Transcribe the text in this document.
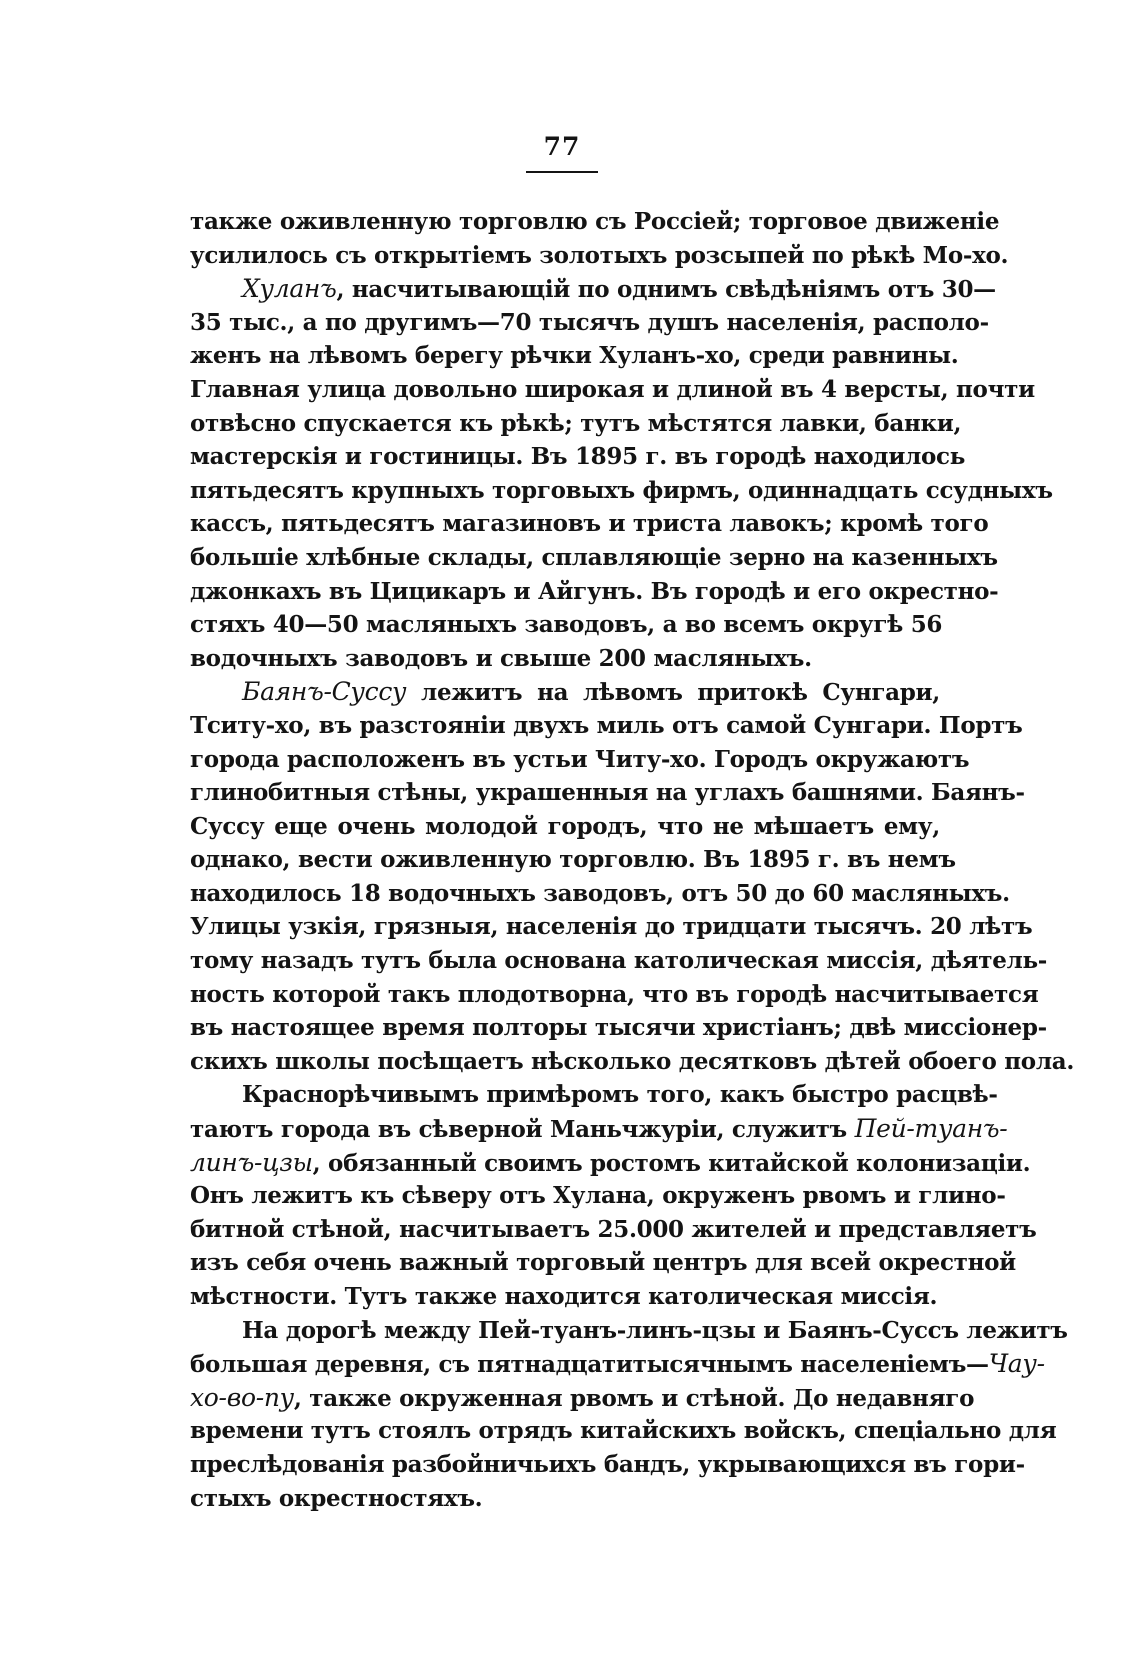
77
также оживленную торговлю съ Россіей; торговое движеніе
усилилось съ открытіемъ золотыхъ розсыпей по рѣкѣ Мо-хо.
Хуланъ, насчитывающій по однимъ свѣдѣніямъ отъ 30—
35 тыс., а по другимъ—70 тысячъ душъ населенія, располо-
женъ на лѣвомъ берегу рѣчки Хуланъ-хо, среди равнины.
Главная улица довольно широкая и длиной въ 4 версты, почти
отвѣсно спускается къ рѣкѣ; тутъ мѣстятся лавки, банки,
мастерскія и гостиницы. Въ 1895 г. въ городѣ находилось
пятьдесятъ крупныхъ торговыхъ фирмъ, одиннадцать ссудныхъ
кассъ, пятьдесятъ магазиновъ и триста лавокъ; кромѣ того
большіе хлѣбные склады, сплавляющіе зерно на казенныхъ
джонкахъ въ Цицикаръ и Айгунъ. Въ городѣ и его окрестно-
стяхъ 40—50 масляныхъ заводовъ, а во всемъ округѣ 56
водочныхъ заводовъ и свыше 200 масляныхъ.
Баянъ-Суссу лежитъ на лѣвомъ притокѣ Сунгари,
Тситу-хо, въ разстояніи двухъ миль отъ самой Сунгари. Портъ
города расположенъ въ устьи Читу-хо. Городъ окружаютъ
глинобитныя стѣны, украшенныя на углахъ башнями. Баянъ-
Суссу еще очень молодой городъ, что не мѣшаетъ ему,
однако, вести оживленную торговлю. Въ 1895 г. въ немъ
находилось 18 водочныхъ заводовъ, отъ 50 до 60 масляныхъ.
Улицы узкія, грязныя, населенія до тридцати тысячъ. 20 лѣтъ
тому назадъ тутъ была основана католическая миссія, дѣятель-
ность которой такъ плодотворна, что въ городѣ насчитывается
въ настоящее время полторы тысячи христіанъ; двѣ миссіонер-
скихъ школы посѣщаетъ нѣсколько десятковъ дѣтей обоего пола.
Краснорѣчивымъ примѣромъ того, какъ быстро расцвѣ-
таютъ города въ сѣверной Маньчжуріи, служитъ Пей-туанъ-
линъ-цзы, обязанный своимъ ростомъ китайской колонизаціи.
Онъ лежитъ къ сѣверу отъ Хулана, окруженъ рвомъ и глино-
битной стѣной, насчитываетъ 25.000 жителей и представляетъ
изъ себя очень важный торговый центръ для всей окрестной
мѣстности. Тутъ также находится католическая миссія.
На дорогѣ между Пей-туанъ-линъ-цзы и Баянъ-Суссъ лежитъ
большая деревня, съ пятнадцатитысячнымъ населеніемъ—Чау-
хо-во-пу, также окруженная рвомъ и стѣной. До недавняго
времени тутъ стоялъ отрядъ китайскихъ войскъ, спеціально для
преслѣдованія разбойничьихъ бандъ, укрывающихся въ гори-
стыхъ окрестностяхъ.
